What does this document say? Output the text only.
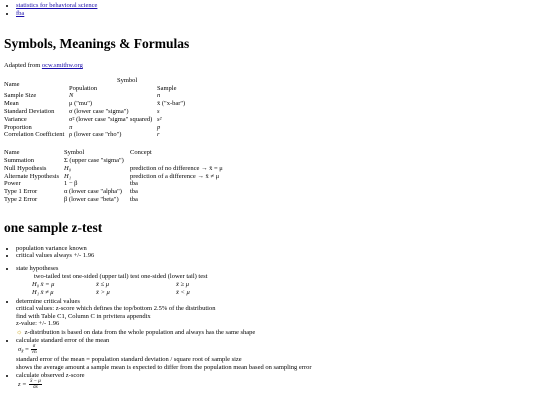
• statistics for behavioral science
• fba
Symbols, Meanings & Formulas

Adapted from ocw.smithw.org

Name	Symbol	
	Population	Sample
Sample Size	N	n
Mean	μ ("mu")	x̄ ("x-bar")
Standard Deviation	σ (lower case "sigma")	s
Variance	σ² (lower case "sigma" squared)	s²
Proportion	π	p
Correlation Coefficient	ρ (lower case "rho")	r
Name	Symbol	Concept
Summation	Σ (upper case "sigma")	
Null Hypothesis	H₀	prediction of no difference → x̄ = μ
Alternate Hypothesis	H₁	prediction of a difference → x̄ ≠ μ
Power	1 − β	tba
Type 1 Error	α (lower case "alpha")	tba
Type 2 Error	β (lower case "beta")	tba
one sample z-test
• population variance known
• critical values always +/- 1.96
• state hypotheses
two-tailed test one-sided (upper tail) test one-sided (lower tail) test
H₀ x̄ = μ	x̄ ≤ μ	x̄ ≥ μ
H₁ x̄ ≠ μ	x̄ > μ	x̄ < μ
• determine critical values
critical values: z-score which defines the top/bottom 2.5% of the distribution
find with Table C1, Column C in privitera appendix
z-value: +/- 1.96
☼ z-distribution is based on data from the whole population and always has the same shape
• calculate standard error of the mean
$\sigma_{x̄} = \frac{\sigma}{√n}$
standard error of the mean = population standard deviation / square root of sample size
shows the average amount a sample mean is expected to differ from the population mean based on sampling error
• calculate observed z-score
$z = \frac{x̄ - \mu}{\sigma x̄}$
